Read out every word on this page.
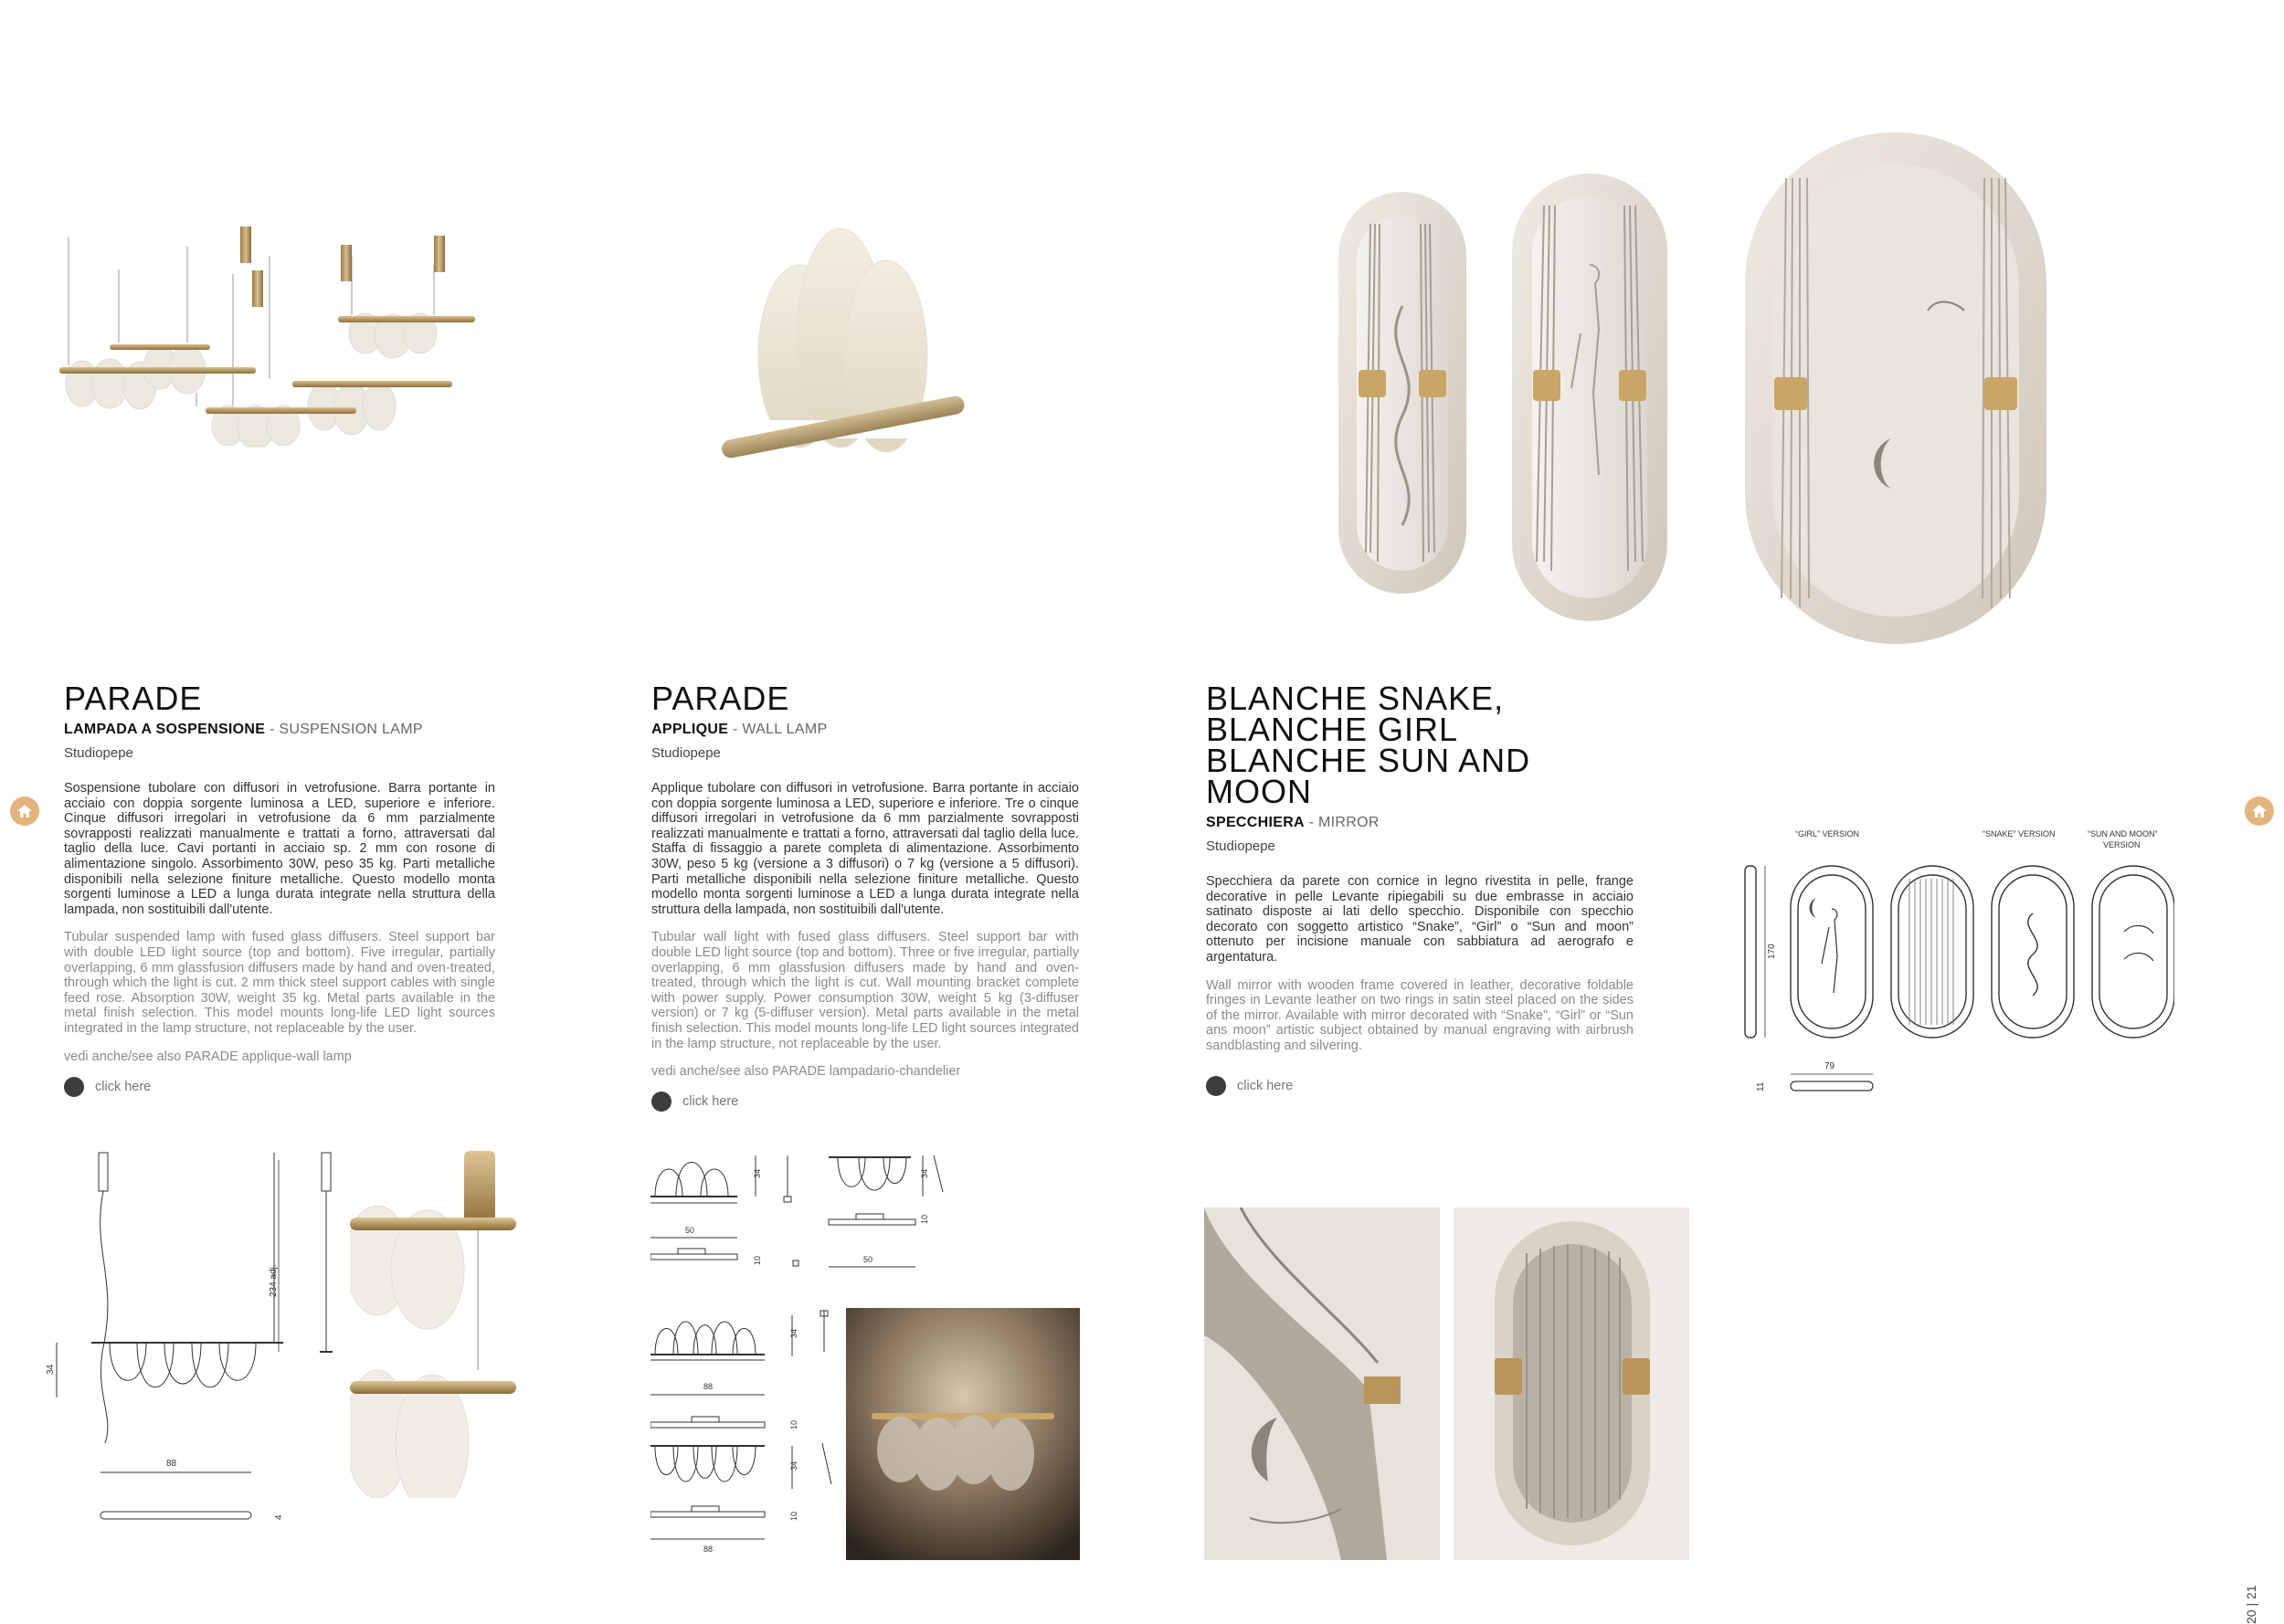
PARADE
LAMPADA A SOSPENSIONE - SUSPENSION LAMP
Studiopepe
Sospensione tubolare con diffusori in vetrofusione. Barra portante in acciaio con doppia sorgente luminosa a LED, superiore e inferiore. Cinque diffusori irregolari in vetrofusione da 6 mm parzialmente sovrapposti realizzati manualmente e trattati a forno, attraversati dal taglio della luce. Cavi portanti in acciaio sp. 2 mm con rosone di alimentazione singolo. Assorbimento 30W, peso 35 kg. Parti metalliche disponibili nella selezione finiture metalliche. Questo modello monta sorgenti luminose a LED a lunga durata integrate nella struttura della lampada, non sostituibili dall'utente.
Tubular suspended lamp with fused glass diffusers. Steel support bar with double LED light source (top and bottom). Five irregular, partially overlapping, 6 mm glassfusion diffusers made by hand and oven-treated, through which the light is cut. 2 mm thick steel support cables with single feed rose. Absorption 30W, weight 35 kg. Metal parts available in the metal finish selection. This model mounts long-life LED light sources integrated in the lamp structure, not replaceable by the user.
vedi anche/see also PARADE applique-wall lamp
click here
PARADE
APPLIQUE - WALL LAMP
Studiopepe
Applique tubolare con diffusori in vetrofusione. Barra portante in acciaio con doppia sorgente luminosa a LED, superiore e inferiore. Tre o cinque diffusori irregolari in vetrofusione da 6 mm parzialmente sovrapposti realizzati manualmente e trattati a forno, attraversati dal taglio della luce. Staffa di fissaggio a parete completa di alimentazione. Assorbimento 30W, peso 5 kg (versione a 3 diffusori) o 7 kg (versione a 5 diffusori). Parti metalliche disponibili nella selezione finiture metalliche. Questo modello monta sorgenti luminose a LED a lunga durata integrate nella struttura della lampada, non sostituibili dall'utente.
Tubular wall light with fused glass diffusers. Steel support bar with double LED light source (top and bottom). Three or five irregular, partially overlapping, 6 mm glassfusion diffusers made by hand and oven-treated, through which the light is cut. Wall mounting bracket complete with power supply. Power consumption 30W, weight 5 kg (3-diffuser version) or 7 kg (5-diffuser version). Metal parts available in the metal finish selection. This model mounts long-life LED light sources integrated in the lamp structure, not replaceable by the user.
vedi anche/see also PARADE lampadario-chandelier
click here
BLANCHE SNAKE,
BLANCHE GIRL
BLANCHE SUN AND MOON
SPECCHIERA - MIRROR
Studiopepe
Specchiera da parete con cornice in legno rivestita in pelle, frange decorative in pelle Levante ripiegabili su due embrasse in acciaio satinato disposte ai lati dello specchio. Disponibile con specchio decorato con soggetto artistico “Snake”, “Girl” o “Sun and moon” ottenuto per incisione manuale con sabbiatura ad aerografo e argentatura.
Wall mirror with wooden frame covered in leather, decorative foldable fringes in Levante leather on two rings in satin steel placed on the sides of the mirror. Available with mirror decorated with “Snake”, “Girl” or “Sun ans moon” artistic subject obtained by manual engraving with airbrush sandblasting and silvering.
click here
20 | 21
34
234 adj.
88
4
34	34
50
10
10
50
34
88
10
34
10
88
“GIRL” VERSION	“SNAKE” VERSION	“SUN AND MOON”
VERSION
170
79
11
